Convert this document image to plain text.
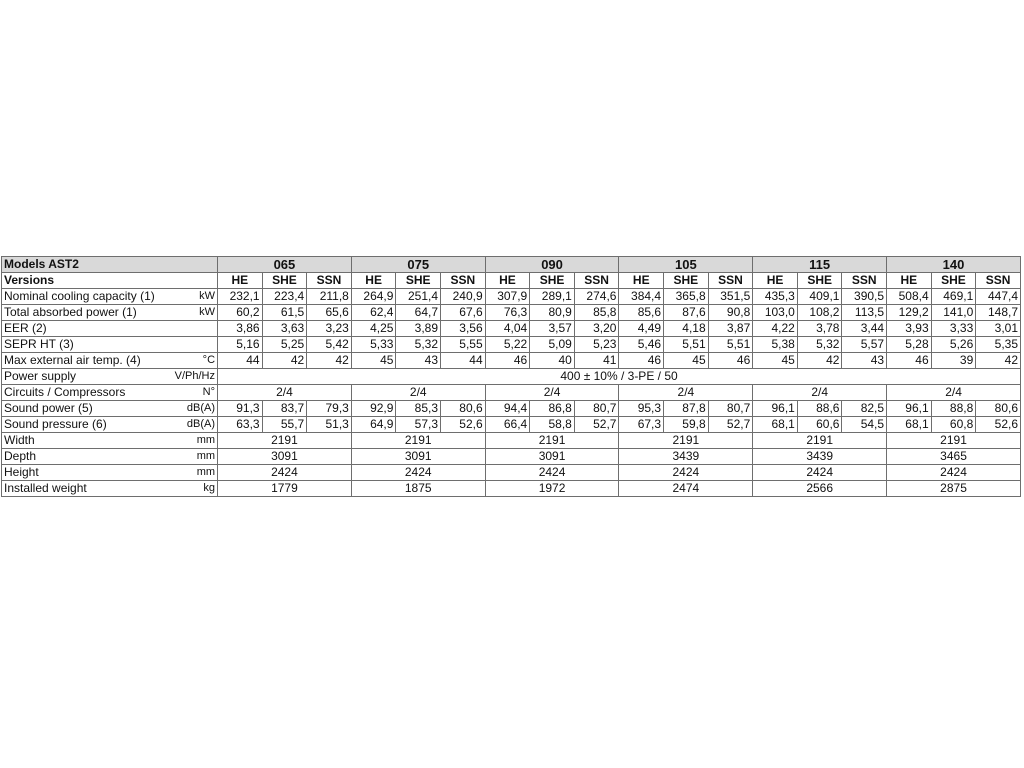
Models AST2	065			075			090			105			115			140		
Versions	HE	SHE	SSN	HE	SHE	SSN	HE	SHE	SSN	HE	SHE	SSN	HE	SHE	SSN	HE	SHE	SSN

Nominal cooling capacity (1) kW	232,1	223,4	211,8	264,9	251,4	240,9	307,9	289,1	274,6	384,4	365,8	351,5	435,3	409,1	390,5	508,4	469,1	447,4

Total absorbed power (1) kW	60,2	61,5	65,6	62,4	64,7	67,6	76,3	80,9	85,8	85,6	87,6	90,8	103,0	108,2	113,5	129,2	141,0	148,7

EER (2)	3,86	3,63	3,23	4,25	3,89	3,56	4,04	3,57	3,20	4,49	4,18	3,87	4,22	3,78	3,44	3,93	3,33	3,01

SEPR HT (3)	5,16	5,25	5,42	5,33	5,32	5,55	5,22	5,09	5,23	5,46	5,51	5,51	5,38	5,32	5,57	5,28	5,26	5,35

Max external air temp. (4) °C	44	42	42	45	43	44	46	40	41	46	45	46	45	42	43	46	39	42

Power supply V/Ph/Hz	400 ± 10% / 3-PE / 50																	

Circuits / Compressors N°	2/4			2/4			2/4			2/4			2/4			2/4		

Sound power (5) dB(A)	91,3	83,7	79,3	92,9	85,3	80,6	94,4	86,8	80,7	95,3	87,8	80,7	96,1	88,6	82,5	96,1	88,8	80,6

Sound pressure (6) dB(A)	63,3	55,7	51,3	64,9	57,3	52,6	66,4	58,8	52,7	67,3	59,8	52,7	68,1	60,6	54,5	68,1	60,8	52,6

Width mm	2191			2191			2191			2191			2191			2191		

Depth mm	3091			3091			3091			3439			3439			3465		

Height mm	2424			2424			2424			2424			2424			2424		

Installed weight kg	1779			1875			1972			2474			2566			2875		
